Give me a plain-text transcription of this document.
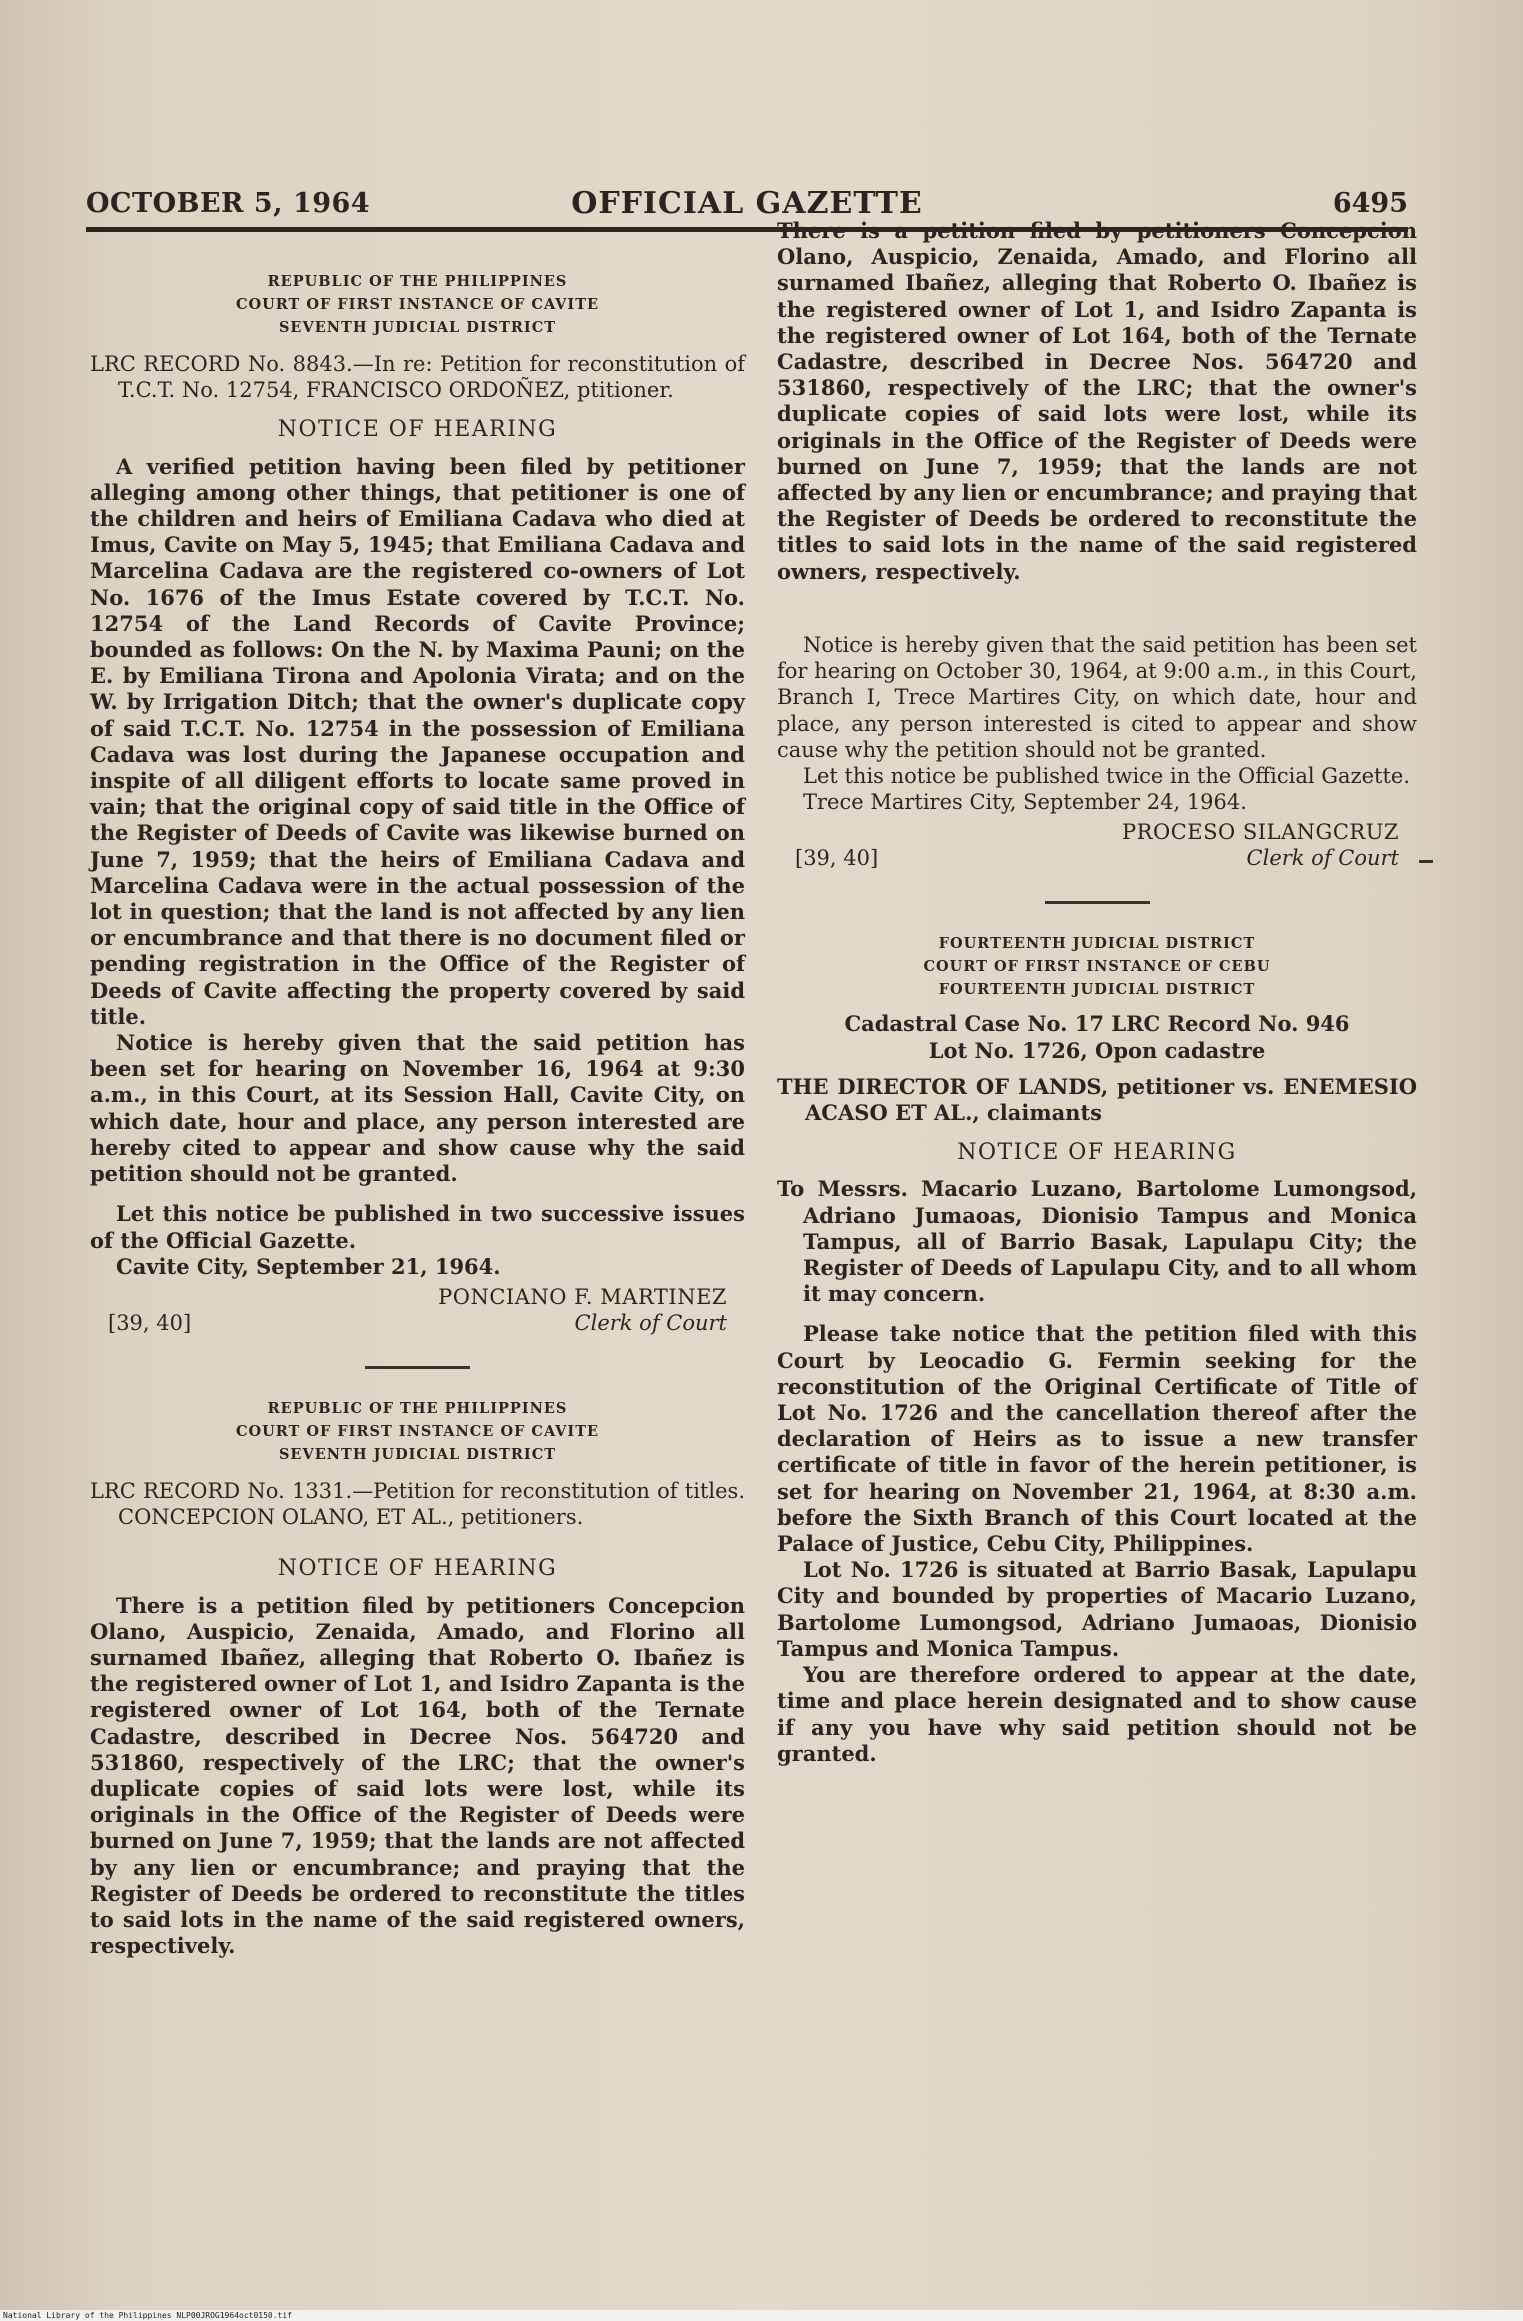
OCTOBER 5, 1964	OFFICIAL GAZETTE	6495
REPUBLIC OF THE PHILIPPINES
COURT OF FIRST INSTANCE OF CAVITE
SEVENTH JUDICIAL DISTRICT
LRC RECORD No. 8843.—In re: Petition for reconstitution of T.C.T. No. 12754, FRANCISCO ORDOÑEZ, ptitioner.
NOTICE OF HEARING

A verified petition having been filed by petitioner alleging among other things, that petitioner is one of the children and heirs of Emiliana Cadava who died at Imus, Cavite on May 5, 1945; that Emiliana Cadava and Marcelina Cadava are the registered co-owners of Lot No. 1676 of the Imus Estate covered by T.C.T. No. 12754 of the Land Records of Cavite Province; bounded as follows: On the N. by Maxima Pauni; on the E. by Emiliana Tirona and Apolonia Virata; and on the W. by Irrigation Ditch; that the owner's duplicate copy of said T.C.T. No. 12754 in the possession of Emiliana Cadava was lost during the Japanese occupation and inspite of all diligent efforts to locate same proved in vain; that the original copy of said title in the Office of the Register of Deeds of Cavite was likewise burned on June 7, 1959; that the heirs of Emiliana Cadava and Marcelina Cadava were in the actual possession of the lot in question; that the land is not affected by any lien or encumbrance and that there is no document filed or pending registration in the Office of the Register of Deeds of Cavite affecting the property covered by said title.

Notice is hereby given that the said petition has been set for hearing on November 16, 1964 at 9:30 a.m., in this Court, at its Session Hall, Cavite City, on which date, hour and place, any person interested are hereby cited to appear and show cause why the said petition should not be granted.

Let this notice be published in two successive issues of the Official Gazette.

Cavite City, September 21, 1964.

PONCIANO F. MARTINEZ
[39, 40]	Clerk of Court
REPUBLIC OF THE PHILIPPINES
COURT OF FIRST INSTANCE OF CAVITE
SEVENTH JUDICIAL DISTRICT
LRC RECORD No. 1331.—Petition for reconstitution of titles. CONCEPCION OLANO, ET AL., petitioners.
NOTICE OF HEARING

There is a petition filed by petitioners Concepcion Olano, Auspicio, Zenaida, Amado, and Florino all surnamed Ibañez, alleging that Roberto O. Ibañez is the registered owner of Lot 1, and Isidro Zapanta is the registered owner of Lot 164, both of the Ternate Cadastre, described in Decree Nos. 564720 and 531860, respectively of the LRC; that the owner's duplicate copies of said lots were lost, while its originals in the Office of the Register of Deeds were burned on June 7, 1959; that the lands are not affected by any lien or encumbrance; and praying that the Register of Deeds be ordered to reconstitute the titles to said lots in the name of the said registered owners, respectively.

There is a petition filed by petitioners Concepcion Olano, Auspicio, Zenaida, Amado, and Florino all surnamed Ibañez, alleging that Roberto O. Ibañez is the registered owner of Lot 1, and Isidro Zapanta is the registered owner of Lot 164, both of the Ternate Cadastre, described in Decree Nos. 564720 and 531860, respectively of the LRC; that the owner's duplicate copies of said lots were lost, while its originals in the Office of the Register of Deeds were burned on June 7, 1959; that the lands are not affected by any lien or encumbrance; and praying that the Register of Deeds be ordered to reconstitute the titles to said lots in the name of the said registered owners, respectively.

Notice is hereby given that the said petition has been set for hearing on October 30, 1964, at 9:00 a.m., in this Court, Branch I, Trece Martires City, on which date, hour and place, any person interested is cited to appear and show cause why the petition should not be granted.

Let this notice be published twice in the Official Gazette.

Trece Martires City, September 24, 1964.

PROCESO SILANGCRUZ
[39, 40]	Clerk of Court
FOURTEENTH JUDICIAL DISTRICT
COURT OF FIRST INSTANCE OF CEBU
FOURTEENTH JUDICIAL DISTRICT
Cadastral Case No. 17 LRC Record No. 946
Lot No. 1726, Opon cadastre
THE DIRECTOR OF LANDS, petitioner vs. ENEMESIO ACASO ET AL., claimants
NOTICE OF HEARING
To Messrs. Macario Luzano, Bartolome Lumongsod, Adriano Jumaoas, Dionisio Tampus and Monica Tampus, all of Barrio Basak, Lapulapu City; the Register of Deeds of Lapulapu City, and to all whom it may concern.

Please take notice that the petition filed with this Court by Leocadio G. Fermin seeking for the reconstitution of the Original Certificate of Title of Lot No. 1726 and the cancellation thereof after the declaration of Heirs as to issue a new transfer certificate of title in favor of the herein petitioner, is set for hearing on November 21, 1964, at 8:30 a.m. before the Sixth Branch of this Court located at the Palace of Justice, Cebu City, Philippines.

Lot No. 1726 is situated at Barrio Basak, Lapulapu City and bounded by properties of Macario Luzano, Bartolome Lumongsod, Adriano Jumaoas, Dionisio Tampus and Monica Tampus.

You are therefore ordered to appear at the date, time and place herein designated and to show cause if any you have why said petition should not be granted.

National Library of the Philippines NLP00JROG1964oct0150.tif
